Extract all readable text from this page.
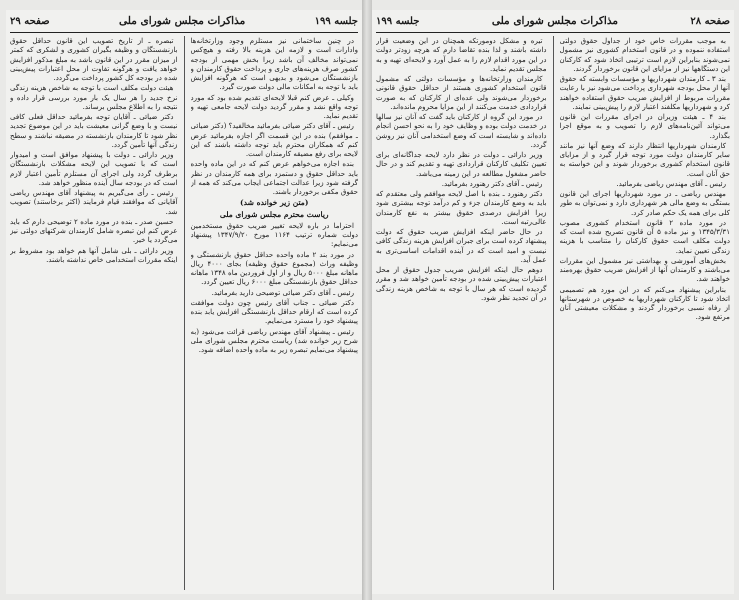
جلسه ۱۹۹
مذاکرات مجلس شورای ملی
صفحه ۲۹

در چنین ساختمانی نیز مستلزم وجود وزارتخانه‌ها وادارات است و لازمه این هزینه بالا رفته و هیچ‌کس نمی‌تواند مخالف آن باشد زیرا بخش مهمی از بودجه کشور صرف هزینه‌های جاری و پرداخت حقوق کارمندان و بازنشستگان می‌شود و بدیهی است که هرگونه افزایش باید با توجه به امکانات مالی دولت صورت گیرد.

وکیلی ـ عرض کنم قبلا لایحه‌ای تقدیم شده بود که مورد توجه واقع نشد و مقرر گردید دولت لایحه جامعی تهیه و تقدیم نماید.

رئیس ـ آقای دکتر ضیائی بفرمائید مخالفید؟ (دکتر ضیائی ـ موافقم) بنده در این قسمت اگر اجازه بفرمائید عرض کنم که همکاران محترم باید توجه داشته باشند که این لایحه برای رفع مضیقه کارمندان است.

بنده اجازه می‌خواهم عرض کنم که در این ماده واحده باید حداقل حقوق و دستمزد برای همه کارمندان در نظر گرفته شود زیرا عدالت اجتماعی ایجاب می‌کند که همه از حقوق مکفی برخوردار باشند.

(متن زیر خوانده شد)
ریاست محترم مجلس شورای ملی

احتراما در باره لایحه تغییر ضریب حقوق مستخدمین دولت شماره ترتیب ۱۱۶۴ مورخ ۱۳۴۷/۹/۲۰ پیشنهاد می‌نمایم:

در مورد بند ۲ ماده واحده حداقل حقوق بازنشستگی و وظیفه وراث (مجموع حقوق وظیفه) بجای ۴۰۰۰ ریال ماهانه مبلغ ۵۰۰۰ ریال و از اول فروردین ماه ۱۳۴۸ ماهانه حداقل حقوق بازنشستگی مبلغ ۶۰۰۰ ریال تعیین گردد.

رئیس ـ آقای دکتر ضیائی توضیحی دارید بفرمائید.

دکتر ضیائی ـ جناب آقای رئیس چون دولت موافقت کرده است که ارقام حداقل بازنشستگی افزایش یابد بنده پیشنهاد خود را مسترد می‌نمایم.

رئیس ـ پیشنهاد آقای مهندس ریاضی قرائت می‌شود (به شرح زیر خوانده شد) ریاست محترم مجلس شورای ملی پیشنهاد می‌نمایم تبصره زیر به ماده واحده اضافه شود.

تبصره ـ از تاریخ تصویب این قانون حداقل حقوق بازنشستگان و وظیفه بگیران کشوری و لشکری که کمتر از میزان مقرر در این قانون باشد به مبلغ مذکور افزایش خواهد یافت و هرگونه تفاوت از محل اعتبارات پیش‌بینی شده در بودجه کل کشور پرداخت می‌گردد.

هیئت دولت مکلف است با توجه به شاخص هزینه زندگی نرخ جدید را هر سال یک بار مورد بررسی قرار داده و نتیجه را به اطلاع مجلس برساند.

دکتر ضیائی ـ آقایان توجه بفرمائید حداقل فعلی کافی نیست و با وضع گرانی معیشت باید در این موضوع تجدید نظر شود تا کارمندان بازنشسته در مضیقه نباشند و سطح زندگی آنها تأمین گردد.

وزیر دارائی ـ دولت با پیشنهاد موافق است و امیدوار است که با تصویب این لایحه مشکلات بازنشستگان برطرف گردد ولی اجرای آن مستلزم تأمین اعتبار لازم است که در بودجه سال آینده منظور خواهد شد.

رئیس ـ رأی می‌گیریم به پیشنهاد آقای مهندس ریاضی آقایانی که موافقند قیام فرمایند (اکثر برخاستند) تصویب شد.

حسین صدر ـ بنده در مورد ماده ۲ توضیحی دارم که باید عرض کنم این تبصره شامل کارمندان شرکتهای دولتی نیز می‌گردد یا خیر.

وزیر دارائی ـ بلی شامل آنها هم خواهد بود مشروط بر اینکه مقررات استخدامی خاص نداشته باشند.

صفحه ۲۸
مذاکرات مجلس شورای ملی
جلسه ۱۹۹

به موجب مقررات خاص خود از جداول حقوق دولتی استفاده ننموده و در قانون استخدام کشوری نیز مشمول نمی‌شوند بنابراین لازم است ترتیبی اتخاذ شود که کارکنان این دستگاهها نیز از مزایای این قانون برخوردار گردند.

بند ۳ ـ کارمندان شهرداریها و مؤسسات وابسته که حقوق آنها از محل بودجه شهرداری پرداخت می‌شود نیز با رعایت مقررات مربوط از افزایش ضریب حقوق استفاده خواهند کرد و شهرداریها مکلفند اعتبار لازم را پیش‌بینی نمایند.

بند ۴ ـ هیئت وزیران در اجرای مقررات این قانون می‌تواند آئین‌نامه‌های لازم را تصویب و به موقع اجرا بگذارد.

کارمندان شهرداریها انتظار دارند که وضع آنها نیز مانند سایر کارمندان دولت مورد توجه قرار گیرد و از مزایای قانون استخدام کشوری برخوردار شوند و این خواسته به حق آنان است.

رئیس ـ آقای مهندس ریاضی بفرمائید.

مهندس ریاضی ـ در مورد شهرداریها اجرای این قانون بستگی به وضع مالی هر شهرداری دارد و نمی‌توان به طور کلی برای همه یک حکم صادر کرد.

در مورد ماده ۲ قانون استخدام کشوری مصوب ۱۳۴۵/۳/۳۱ و نیز ماده ۵ آن قانون تصریح شده است که دولت مکلف است حقوق کارکنان را متناسب با هزینه زندگی تعیین نماید.

بخش‌های آموزشی و بهداشتی نیز مشمول این مقررات می‌باشند و کارمندان آنها از افزایش ضریب حقوق بهره‌مند خواهند شد.

بنابراین پیشنهاد می‌کنم که در این مورد هم تصمیمی اتخاذ شود تا کارکنان شهرداریها به خصوص در شهرستانها از رفاه نسبی برخوردار گردند و مشکلات معیشتی آنان مرتفع شود.

تیره و مشکل دومورتکه همچنان در این وضعیت قرار داشته باشند و لذا بنده تقاضا دارم که هرچه زودتر دولت در این مورد اقدام لازم را به عمل آورد و لایحه‌ای تهیه و به مجلس تقدیم نماید.

کارمندان وزارتخانه‌ها و مؤسسات دولتی که مشمول قانون استخدام کشوری هستند از حداقل حقوق قانونی برخوردار می‌شوند ولی عده‌ای از کارکنان که به صورت قراردادی خدمت می‌کنند از این مزایا محروم مانده‌اند.

در مورد این گروه از کارکنان باید گفت که آنان نیز سالها در خدمت دولت بوده و وظایف خود را به نحو احسن انجام داده‌اند و شایسته است که وضع استخدامی آنان نیز روشن گردد.

وزیر دارائی ـ دولت در نظر دارد لایحه جداگانه‌ای برای تعیین تکلیف کارکنان قراردادی تهیه و تقدیم کند و در حال حاضر مشغول مطالعه در این زمینه می‌باشد.

رئیس ـ آقای دکتر رهنورد بفرمائید.

دکتر رهنورد ـ بنده با اصل لایحه موافقم ولی معتقدم که باید به وضع کارمندان جزء و کم درآمد توجه بیشتری شود زیرا افزایش درصدی حقوق بیشتر به نفع کارمندان عالی‌رتبه است.

در حال حاضر اینکه افزایش ضریب حقوق که دولت پیشنهاد کرده است برای جبران افزایش هزینه زندگی کافی نیست و امید است که در آینده اقدامات اساسی‌تری به عمل آید.

دوهم حال اینکه افزایش ضریب جدول حقوق از محل اعتبارات پیش‌بینی شده در بودجه تأمین خواهد شد و مقرر گردیده است که هر سال با توجه به شاخص هزینه زندگی در آن تجدید نظر شود.
